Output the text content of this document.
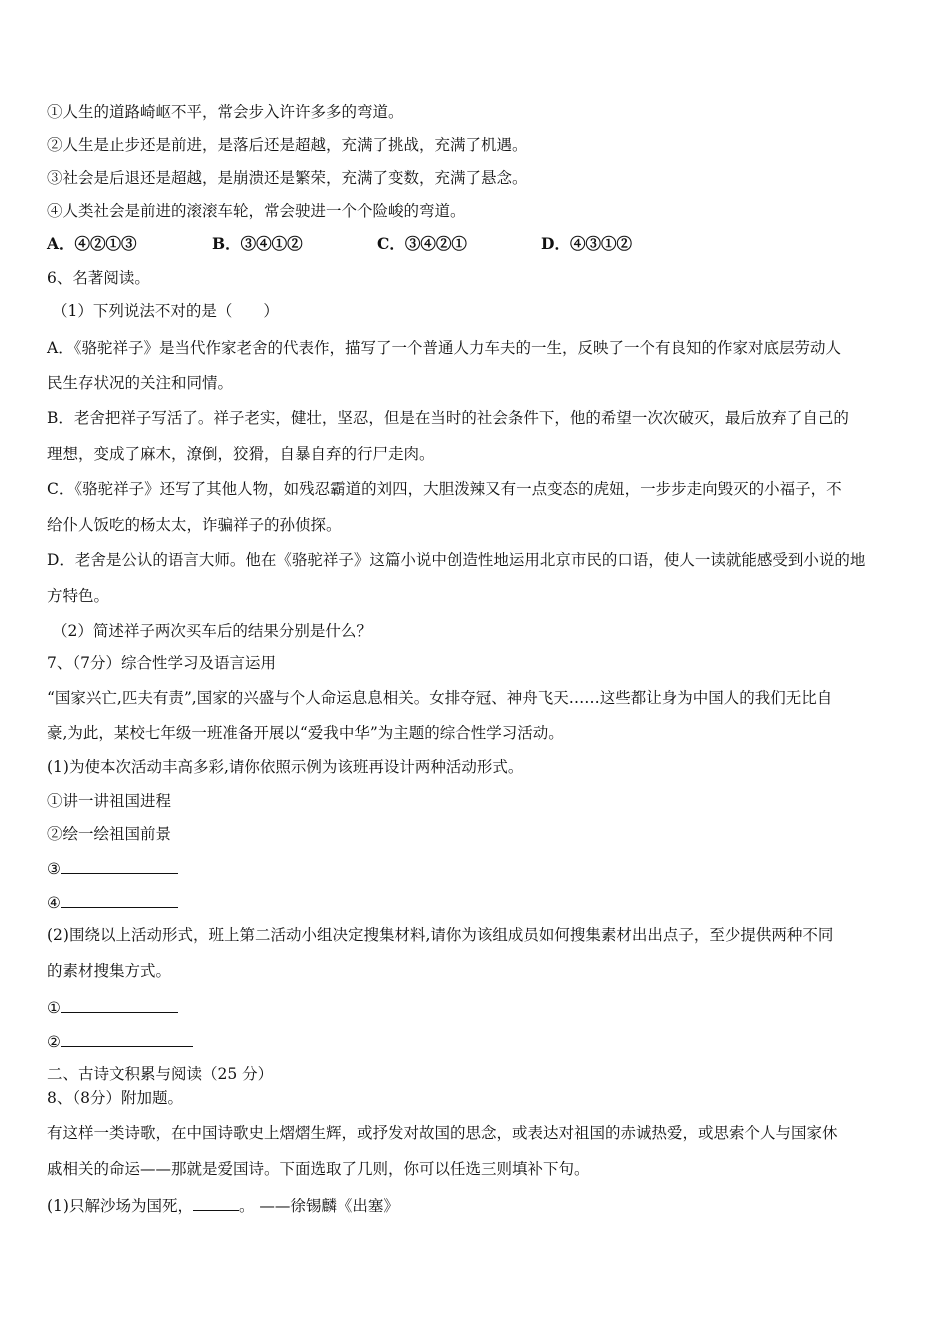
①人生的道路崎岖不平，常会步入许许多多的弯道。
②人生是止步还是前进，是落后还是超越，充满了挑战，充满了机遇。
③社会是后退还是超越，是崩溃还是繁荣，充满了变数，充满了悬念。
④人类社会是前进的滚滚车轮，常会驶进一个个险峻的弯道。
A．④②①③	B．③④①②	C．③④②①	D．④③①②
6、名著阅读。
（1）下列说法不对的是（　　）
A．《骆驼祥子》是当代作家老舍的代表作，描写了一个普通人力车夫的一生，反映了一个有良知的作家对底层劳动人
民生存状况的关注和同情。
B．老舍把祥子写活了。祥子老实，健壮，坚忍，但是在当时的社会条件下，他的希望一次次破灭，最后放弃了自己的
理想，变成了麻木，潦倒，狡猾，自暴自弃的行尸走肉。
C．《骆驼祥子》还写了其他人物，如残忍霸道的刘四，大胆泼辣又有一点变态的虎妞，一步步走向毁灭的小福子，不
给仆人饭吃的杨太太，诈骗祥子的孙侦探。
D．老舍是公认的语言大师。他在《骆驼祥子》这篇小说中创造性地运用北京市民的口语，使人一读就能感受到小说的地
方特色。
（2）简述祥子两次买车后的结果分别是什么？
7、（7分）综合性学习及语言运用
“国家兴亡,匹夫有责”,国家的兴盛与个人命运息息相关。女排夺冠、神舟飞天……这些都让身为中国人的我们无比自
豪,为此，某校七年级一班准备开展以“爱我中华”为主题的综合性学习活动。
(1)为使本次活动丰高多彩,请你依照示例为该班再设计两种活动形式。
①讲一讲祖国进程
②绘一绘祖国前景
③
④
(2)围绕以上活动形式，班上第二活动小组决定搜集材料,请你为该组成员如何搜集素材出出点子，至少提供两种不同
的素材搜集方式。
①
②
二、古诗文积累与阅读（25 分）
8、（8分）附加题。
有这样一类诗歌，在中国诗歌史上熠熠生辉，或抒发对故国的思念，或表达对祖国的赤诚热爱，或思索个人与国家休
戚相关的命运——那就是爱国诗。下面选取了几则，你可以任选三则填补下句。
(1)只解沙场为国死，	。 ——徐锡麟《出塞》
